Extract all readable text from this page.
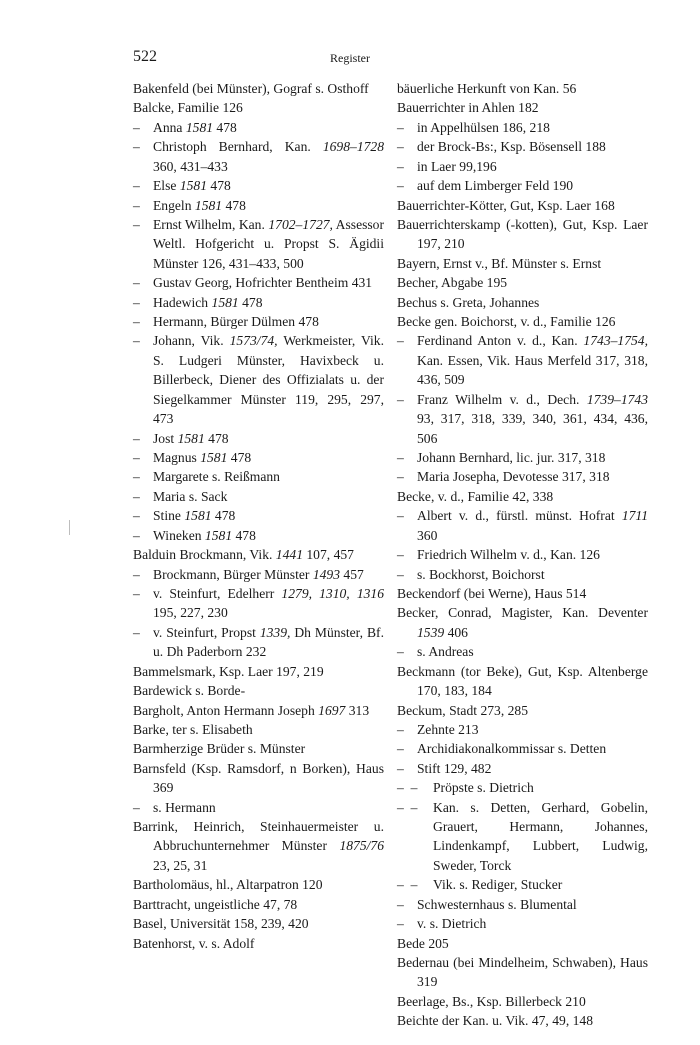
522	Register
Bakenfeld (bei Münster), Gograf s. Osthoff
Balcke, Familie 126
– Anna 1581 478
– Christoph Bernhard, Kan. 1698–1728 360, 431–433
– Else 1581 478
– Engeln 1581 478
– Ernst Wilhelm, Kan. 1702–1727, Assessor Weltl. Hofgericht u. Propst S. Ägidii Münster 126, 431–433, 500
– Gustav Georg, Hofrichter Bentheim 431
– Hadewich 1581 478
– Hermann, Bürger Dülmen 478
– Johann, Vik. 1573/74, Werkmeister, Vik. S. Ludgeri Münster, Havixbeck u. Billerbeck, Diener des Offizialats u. der Siegelkammer Münster 119, 295, 297, 473
– Jost 1581 478
– Magnus 1581 478
– Margarete s. Reißmann
– Maria s. Sack
– Stine 1581 478
– Wineken 1581 478
Balduin Brockmann, Vik. 1441 107, 457
– Brockmann, Bürger Münster 1493 457
– v. Steinfurt, Edelherr 1279, 1310, 1316 195, 227, 230
– v. Steinfurt, Propst 1339, Dh Münster, Bf. u. Dh Paderborn 232
Bammelsmark, Ksp. Laer 197, 219
Bardewick s. Borde-
Bargholt, Anton Hermann Joseph 1697 313
Barke, ter s. Elisabeth
Barmherzige Brüder s. Münster
Barnsfeld (Ksp. Ramsdorf, n Borken), Haus 369
– s. Hermann
Barrink, Heinrich, Steinhauermeister u. Abbruchunternehmer Münster 1875/76 23, 25, 31
Bartholomäus, hl., Altarpatron 120
Barttracht, ungeistliche 47, 78
Basel, Universität 158, 239, 420
Batenhorst, v. s. Adolf
bäuerliche Herkunft von Kan. 56
Bauerrichter in Ahlen 182
– in Appelhülsen 186, 218
– der Brock-Bs:, Ksp. Bösensell 188
– in Laer 99,196
– auf dem Limberger Feld 190
Bauerrichter-Kötter, Gut, Ksp. Laer 168
Bauerrichterskamp (-kotten), Gut, Ksp. Laer 197, 210
Bayern, Ernst v., Bf. Münster s. Ernst
Becher, Abgabe 195
Bechus s. Greta, Johannes
Becke gen. Boichorst, v. d., Familie 126
– Ferdinand Anton v. d., Kan. 1743–1754, Kan. Essen, Vik. Haus Merfeld 317, 318, 436, 509
– Franz Wilhelm v. d., Dech. 1739–1743 93, 317, 318, 339, 340, 361, 434, 436, 506
– Johann Bernhard, lic. jur. 317, 318
– Maria Josepha, Devotesse 317, 318
Becke, v. d., Familie 42, 338
– Albert v. d., fürstl. münst. Hofrat 1711 360
– Friedrich Wilhelm v. d., Kan. 126
– s. Bockhorst, Boichorst
Beckendorf (bei Werne), Haus 514
Becker, Conrad, Magister, Kan. Deventer 1539 406
– s. Andreas
Beckmann (tor Beke), Gut, Ksp. Altenberge 170, 183, 184
Beckum, Stadt 273, 285
– Zehnte 213
– Archidiakonalkommissar s. Detten
– Stift 129, 482
– – Pröpste s. Dietrich
– – Kan. s. Detten, Gerhard, Gobelin, Grauert, Hermann, Johannes, Lindenkampf, Lubbert, Ludwig, Sweder, Torck
– – Vik. s. Rediger, Stucker
– Schwesternhaus s. Blumental
– v. s. Dietrich
Bede 205
Bedernau (bei Mindelheim, Schwaben), Haus 319
Beerlage, Bs., Ksp. Billerbeck 210
Beichte der Kan. u. Vik. 47, 49, 148
